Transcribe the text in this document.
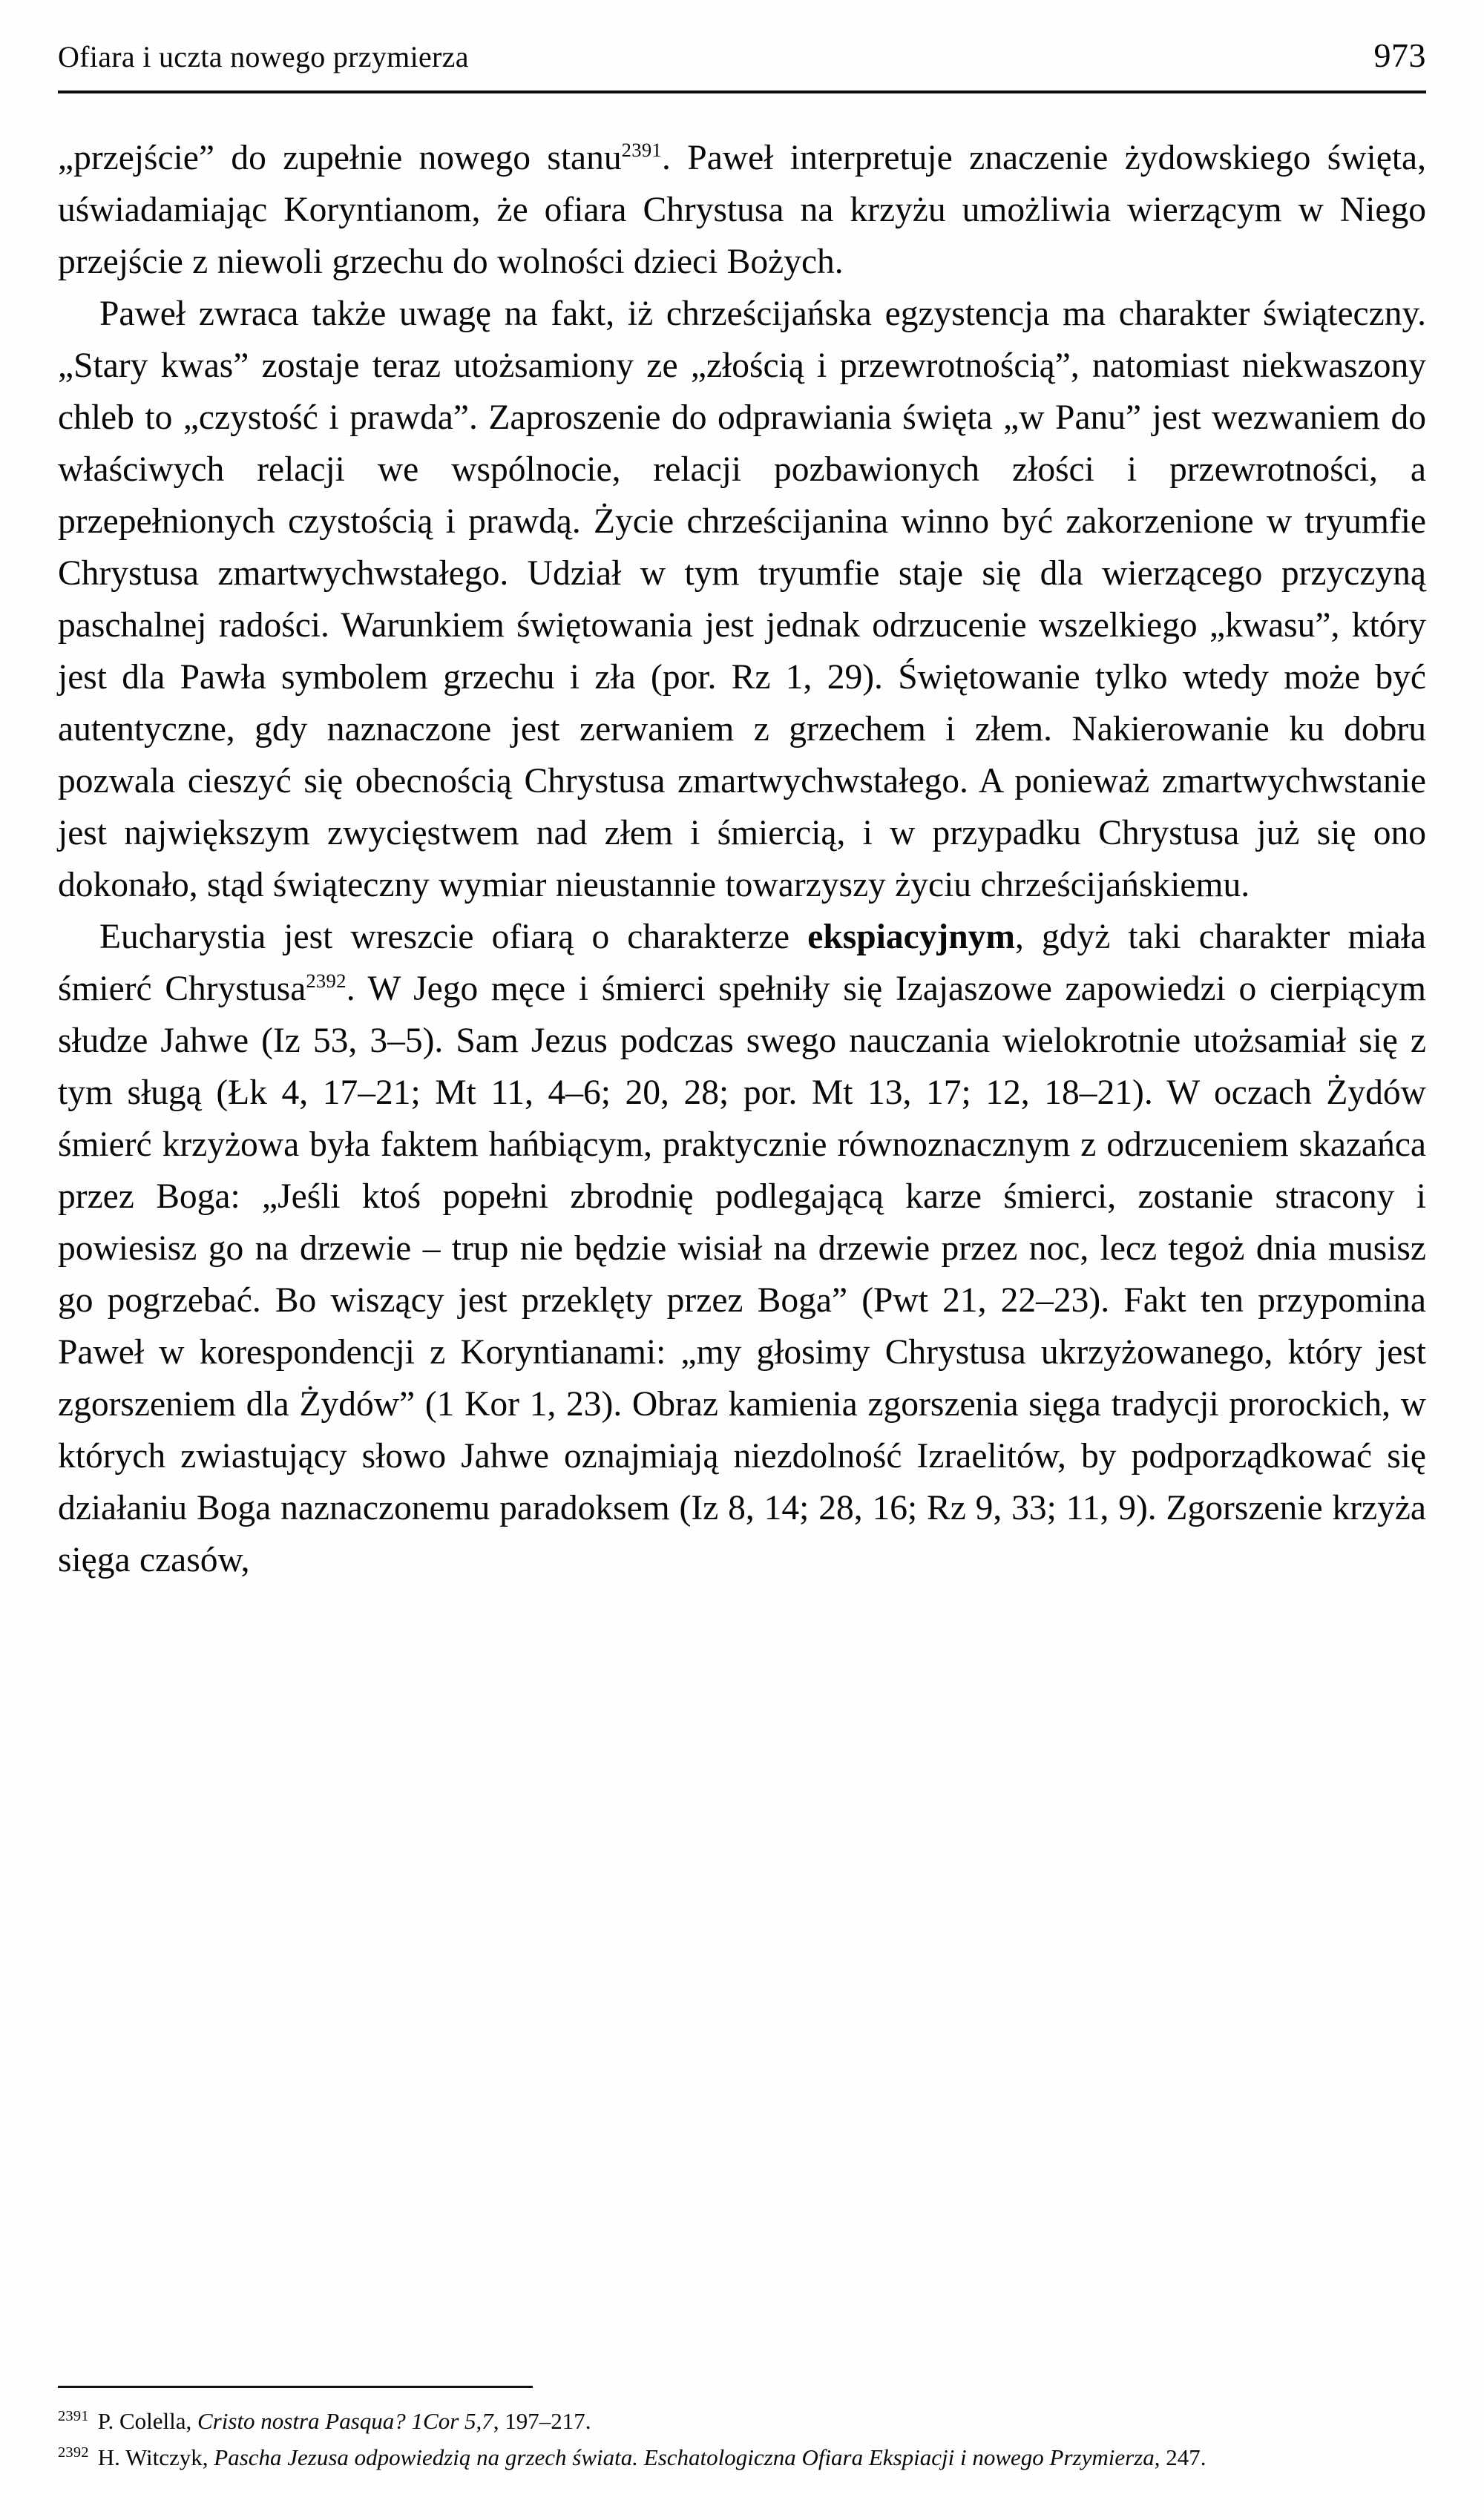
Ofiara i uczta nowego przymierza	973

„przejście” do zupełnie nowego stanu$^{2391}$. Paweł interpretuje znaczenie żydowskiego święta, uświadamiając Koryntianom, że ofiara Chrystusa na krzyżu umożliwia wierzącym w Niego przejście z niewoli grzechu do wolności dzieci Bożych.

Paweł zwraca także uwagę na fakt, iż chrześcijańska egzystencja ma charakter świąteczny. „Stary kwas” zostaje teraz utożsamiony ze „złością i przewrotnością”, natomiast niekwaszony chleb to „czystość i prawda”. Zaproszenie do odprawiania święta „w Panu” jest wezwaniem do właściwych relacji we wspólnocie, relacji pozbawionych złości i przewrotności, a przepełnionych czystością i prawdą. Życie chrześcijanina winno być zakorzenione w tryumfie Chrystusa zmartwychwstałego. Udział w tym tryumfie staje się dla wierzącego przyczyną paschalnej radości. Warunkiem świętowania jest jednak odrzucenie wszelkiego „kwasu”, który jest dla Pawła symbolem grzechu i zła (por. Rz 1, 29). Świętowanie tylko wtedy może być autentyczne, gdy naznaczone jest zerwaniem z grzechem i złem. Nakierowanie ku dobru pozwala cieszyć się obecnością Chrystusa zmartwychwstałego. A ponieważ zmartwychwstanie jest największym zwycięstwem nad złem i śmiercią, i w przypadku Chrystusa już się ono dokonało, stąd świąteczny wymiar nieustannie towarzyszy życiu chrześcijańskiemu.

Eucharystia jest wreszcie ofiarą o charakterze ekspiacyjnym, gdyż taki charakter miała śmierć Chrystusa$^{2392}$. W Jego męce i śmierci spełniły się Izajaszowe zapowiedzi o cierpiącym słudze Jahwe (Iz 53, 3–5). Sam Jezus podczas swego nauczania wielokrotnie utożsamiał się z tym sługą (Łk 4, 17–21; Mt 11, 4–6; 20, 28; por. Mt 13, 17; 12, 18–21). W oczach Żydów śmierć krzyżowa była faktem hańbiącym, praktycznie równoznacznym z odrzuceniem skazańca przez Boga: „Jeśli ktoś popełni zbrodnię podlegającą karze śmierci, zostanie stracony i powiesisz go na drzewie – trup nie będzie wisiał na drzewie przez noc, lecz tegoż dnia musisz go pogrzebać. Bo wiszący jest przeklęty przez Boga” (Pwt 21, 22–23). Fakt ten przypomina Paweł w korespondencji z Koryntianami: „my głosimy Chrystusa ukrzyżowanego, który jest zgorszeniem dla Żydów” (1 Kor 1, 23). Obraz kamienia zgorszenia sięga tradycji prorockich, w których zwiastujący słowo Jahwe oznajmiają niezdolność Izraelitów, by podporządkować się działaniu Boga naznaczonemu paradoksem (Iz 8, 14; 28, 16; Rz 9, 33; 11, 9). Zgorszenie krzyża sięga czasów,

$^{2391}$ P. Colella, Cristo nostra Pasqua? 1Cor 5,7, 197–217.
$^{2392}$ H. Witczyk, Pascha Jezusa odpowiedzią na grzech świata. Eschatologiczna Ofiara Ekspiacji i nowego Przymierza, 247.
